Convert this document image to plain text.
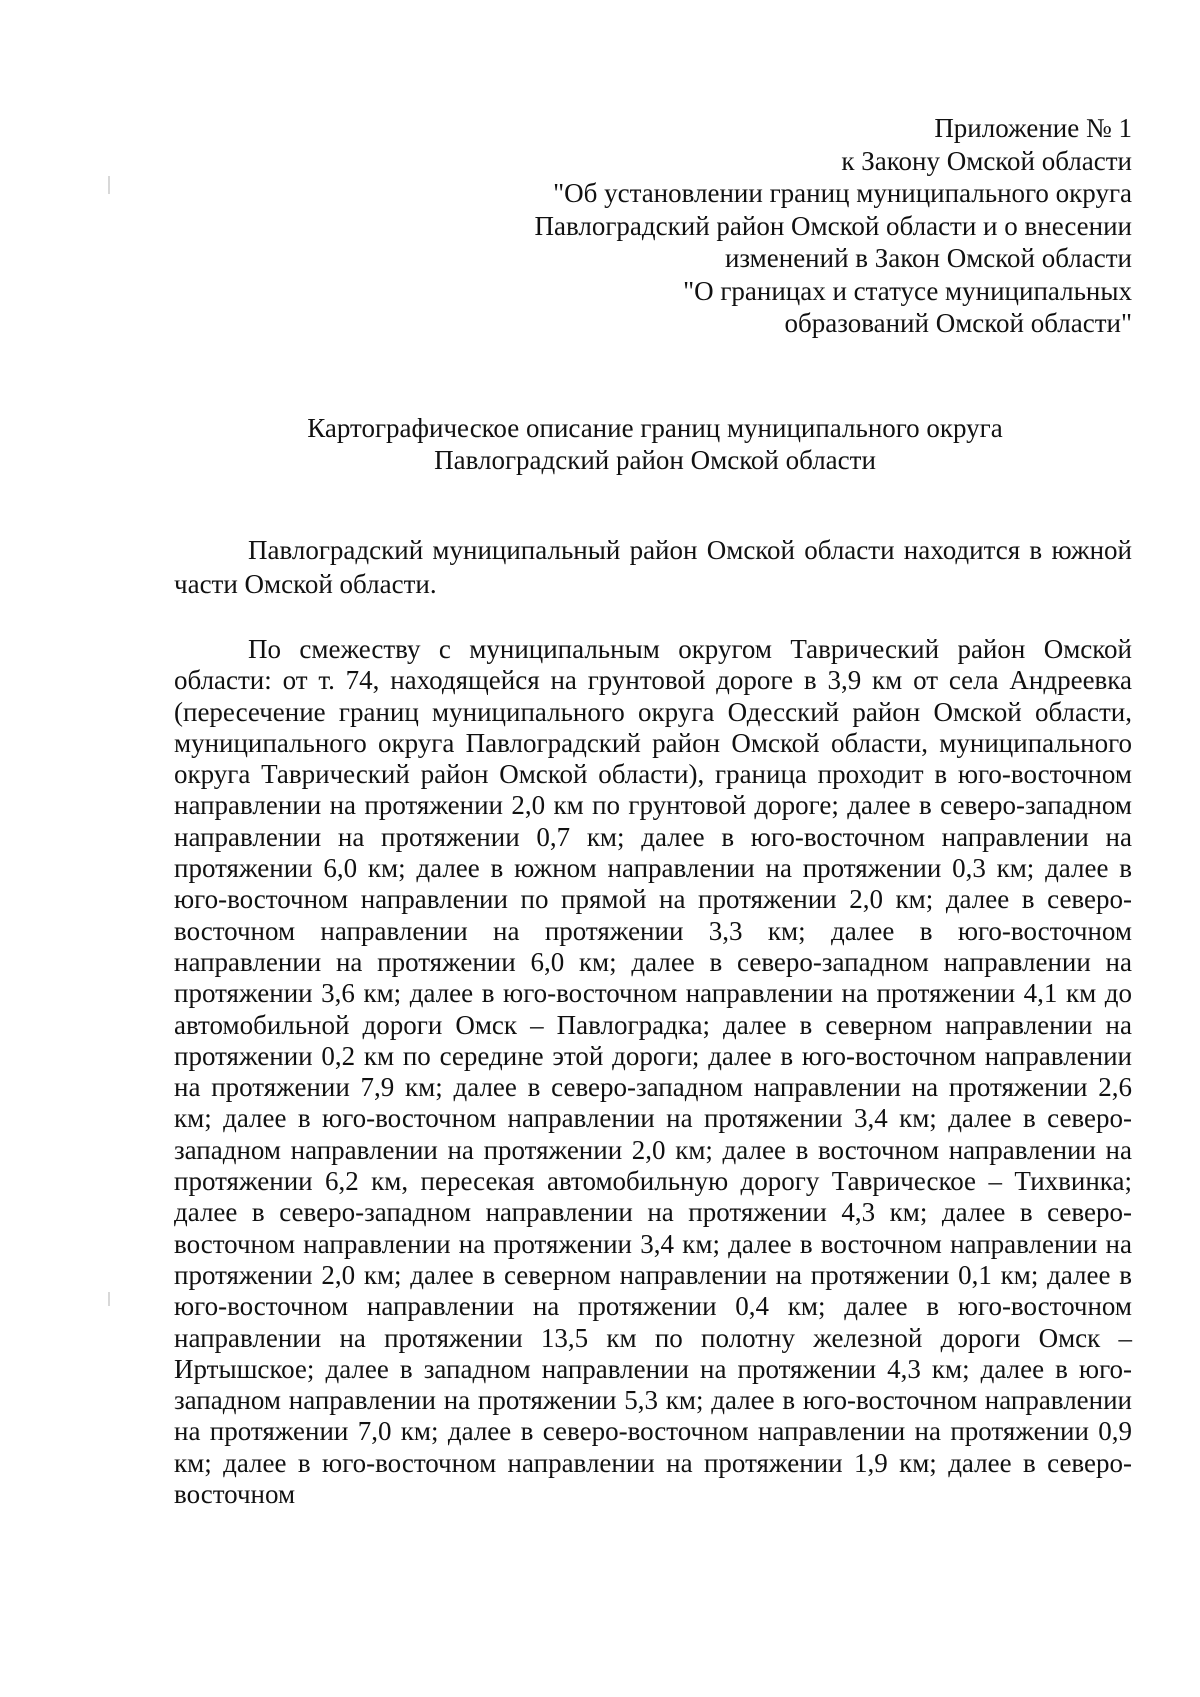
Приложение № 1
к Закону Омской области
"Об установлении границ муниципального округа
Павлоградский район Омской области и о внесении
изменений в Закон Омской области
"О границах и статусе муниципальных
образований Омской области"
Картографическое описание границ муниципального округа
Павлоградский район Омской области

Павлоградский муниципальный район Омской области находится в южной части Омской области.

По смежеству с муниципальным округом Таврический район Омской области: от т. 74, находящейся на грунтовой дороге в 3,9 км от села Андреевка (пересечение границ муниципального округа Одесский район Омской области, муниципального округа Павлоградский район Омской области, муниципального округа Таврический район Омской области), граница проходит в юго-восточном направлении на протяжении 2,0 км по грунтовой дороге; далее в северо-западном направлении на протяжении 0,7 км; далее в юго-восточном направлении на протяжении 6,0 км; далее в южном направлении на протяжении 0,3 км; далее в юго-восточном направлении по прямой на протяжении 2,0 км; далее в северо-восточном направлении на протяжении 3,3 км; далее в юго-восточном направлении на протяжении 6,0 км; далее в северо-западном направлении на протяжении 3,6 км; далее в юго-восточном направлении на протяжении 4,1 км до автомобильной дороги Омск – Павлоградка; далее в северном направлении на протяжении 0,2 км по середине этой дороги; далее в юго-восточном направлении на протяжении 7,9 км; далее в северо-западном направлении на протяжении 2,6 км; далее в юго-восточном направлении на протяжении 3,4 км; далее в северо-западном направлении на протяжении 2,0 км; далее в восточном направлении на протяжении 6,2 км, пересекая автомобильную дорогу Таврическое – Тихвинка; далее в северо-западном направлении на протяжении 4,3 км; далее в северо-восточном направлении на протяжении 3,4 км; далее в восточном направлении на протяжении 2,0 км; далее в северном направлении на протяжении 0,1 км; далее в юго-восточном направлении на протяжении 0,4 км; далее в юго-восточном направлении на протяжении 13,5 км по полотну железной дороги Омск – Иртышское; далее в западном направлении на протяжении 4,3 км; далее в юго-западном направлении на протяжении 5,3 км; далее в юго-восточном направлении на протяжении 7,0 км; далее в северо-восточном направлении на протяжении 0,9 км; далее в юго-восточном направлении на протяжении 1,9 км; далее в северо-восточном
